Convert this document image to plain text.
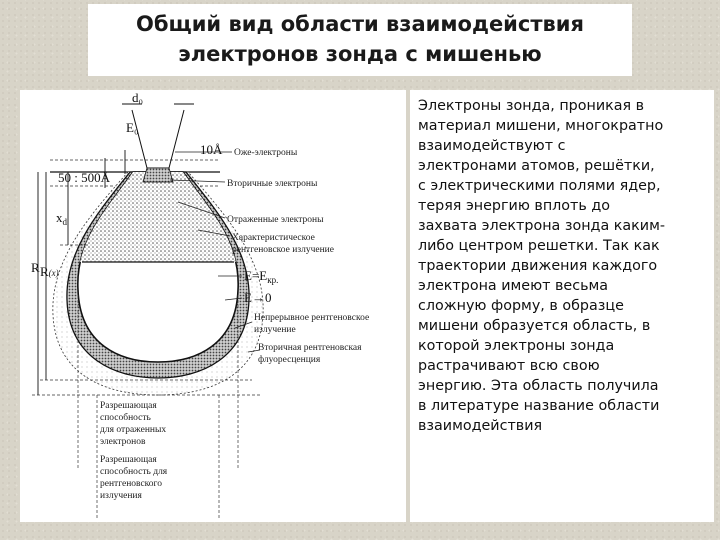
Общий вид области взаимодействия
электронов зонда с мишенью
d₀
E₀
10Å
50 : 500Å
$x_d$
R R(x)
Оже-электроны
Вторичные электроны
Отраженные электроны
Характеристическое
рентгеновское излучение
$E=E_{кр.}$
E→0
Непрерывное рентгеновское
излучение
Вторичная рентгеновская
флуоресценция
Разрешающая
способность
для отраженных
электронов
Разрешающая
способность для
рентгеновского
излучения
Электроны зонда, проникая в
материал мишени, многократно
взаимодействуют с
электронами атомов, решётки,
с электрическими полями ядер,
теряя энергию вплоть до
захвата электрона зонда каким-
либо центром решетки. Так как
траектории движения каждого
электрона имеют весьма
сложную форму, в образце
мишени образуется область, в
которой электроны зонда
растрачивают всю свою
энергию. Эта область получила
в литературе название области
взаимодействия
